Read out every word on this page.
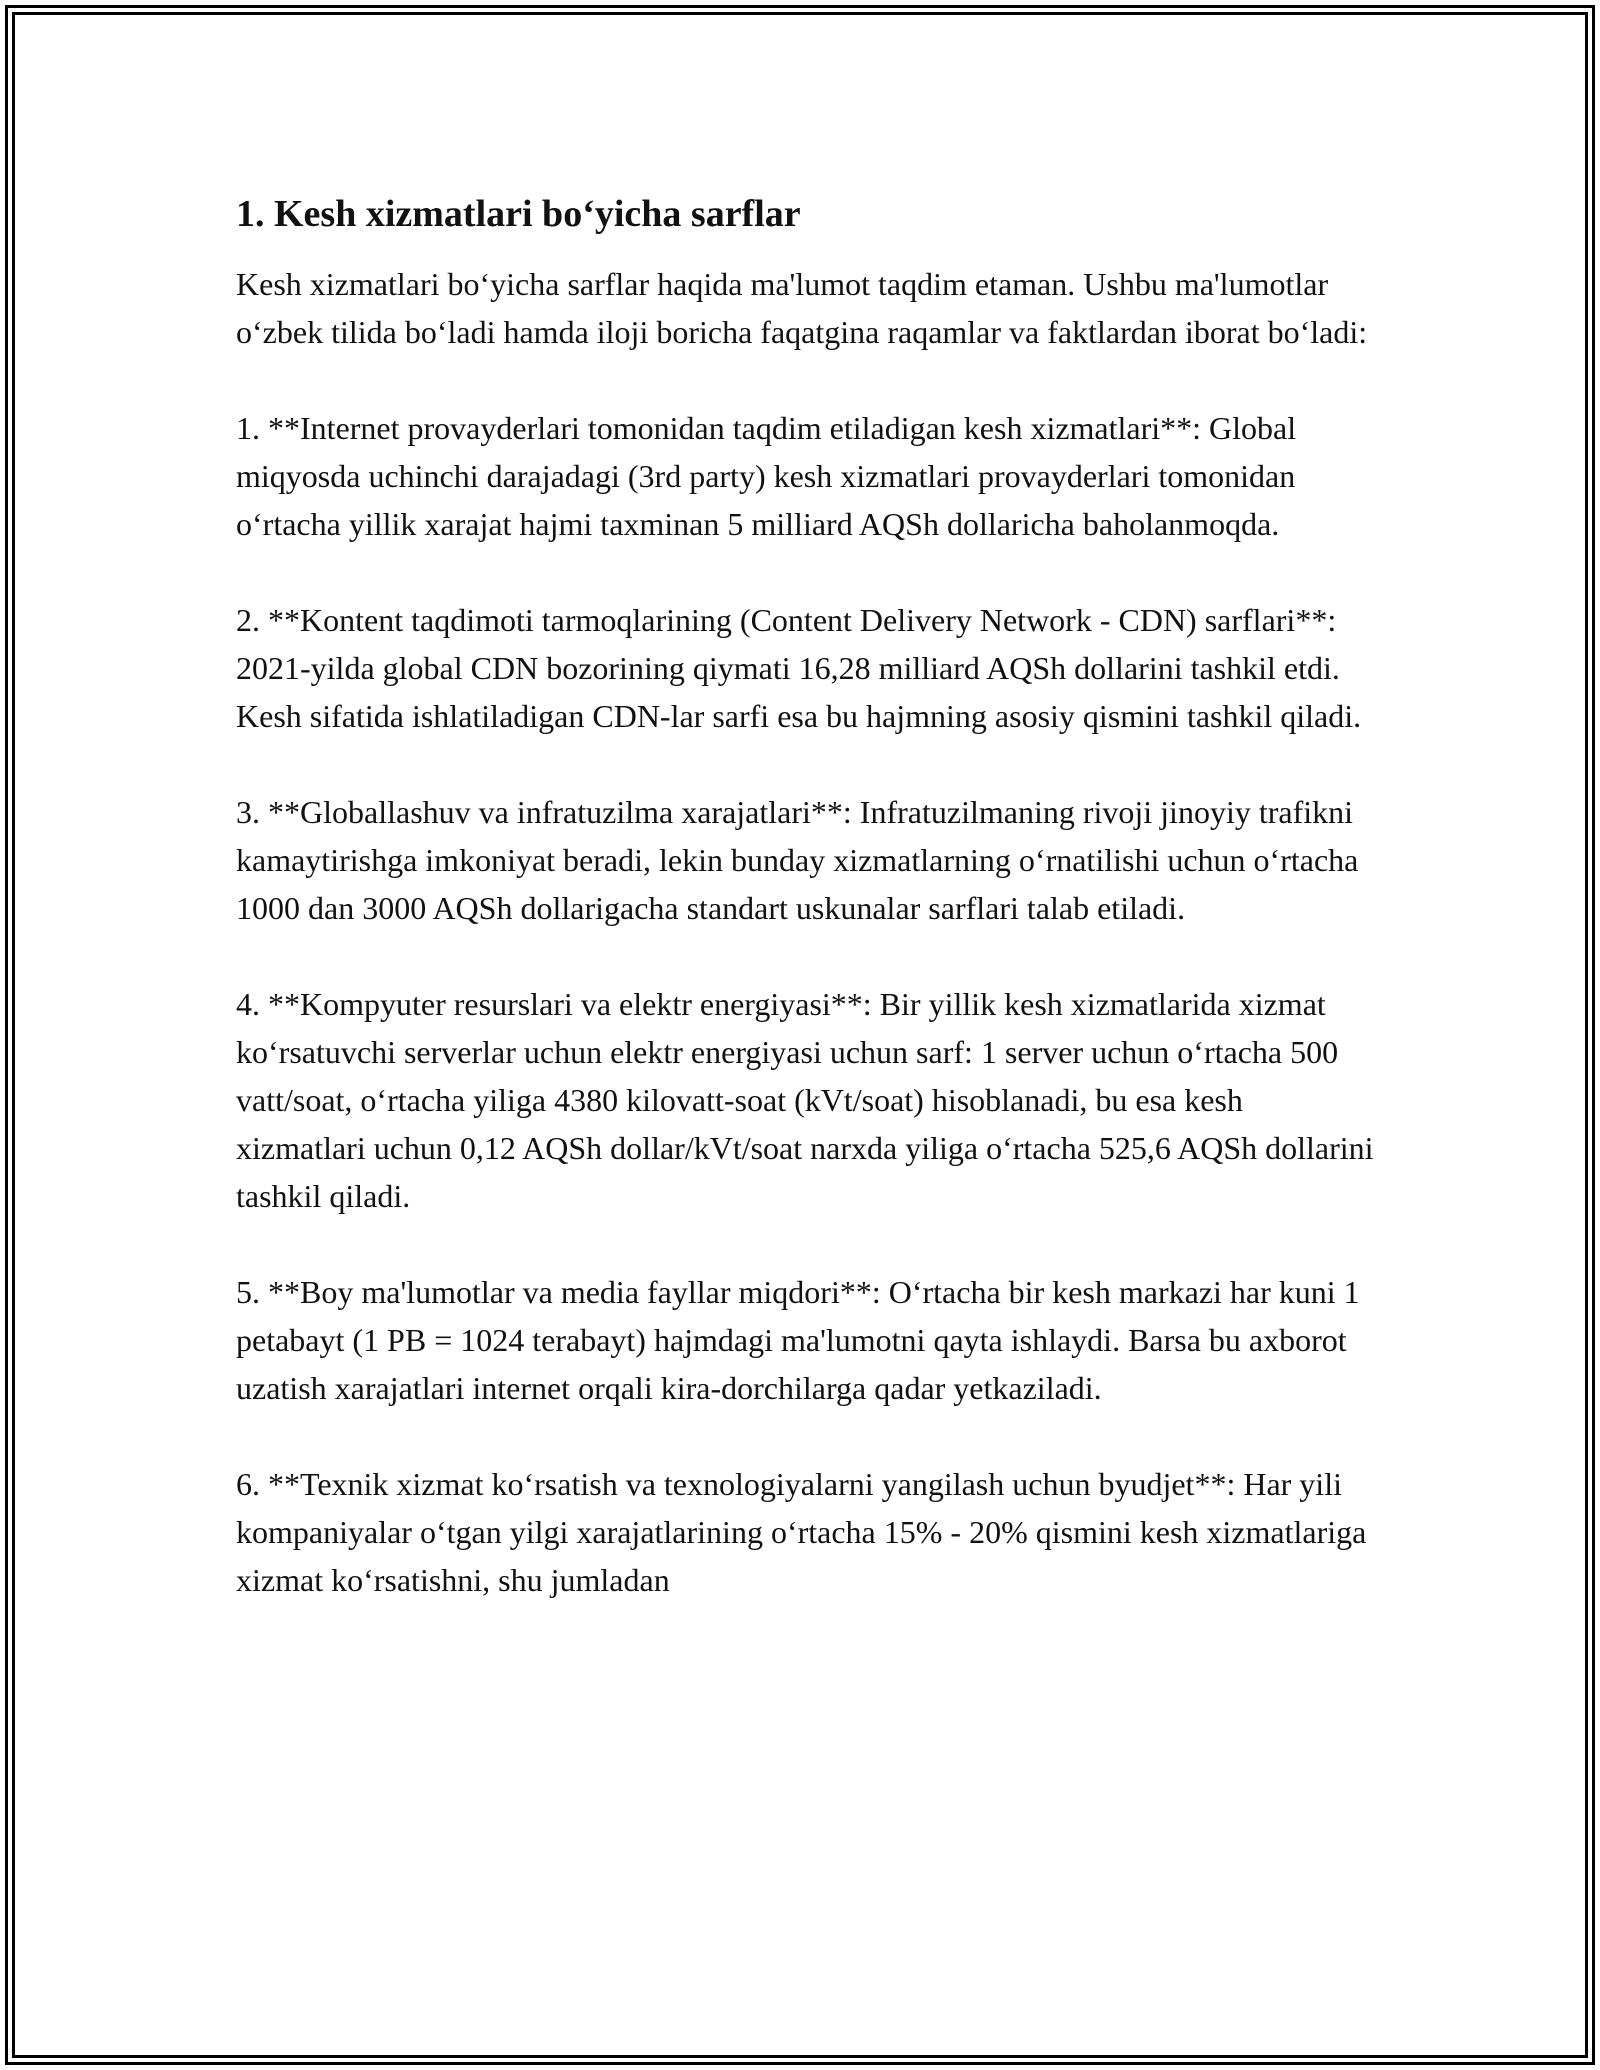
1. Kesh xizmatlari bo‘yicha sarflar

Kesh xizmatlari bo‘yicha sarflar haqida ma'lumot taqdim etaman. Ushbu ma'lumotlar o‘zbek tilida bo‘ladi hamda iloji boricha faqatgina raqamlar va faktlardan iborat bo‘ladi:

1. **Internet provayderlari tomonidan taqdim etiladigan kesh xizmatlari**: Global miqyosda uchinchi darajadagi (3rd party) kesh xizmatlari provayderlari tomonidan o‘rtacha yillik xarajat hajmi taxminan 5 milliard AQSh dollaricha baholanmoqda.

2. **Kontent taqdimoti tarmoqlarining (Content Delivery Network - CDN) sarflari**: 2021-yilda global CDN bozorining qiymati 16,28 milliard AQSh dollarini tashkil etdi. Kesh sifatida ishlatiladigan CDN-lar sarfi esa bu hajmning asosiy qismini tashkil qiladi.

3. **Globallashuv va infratuzilma xarajatlari**: Infratuzilmaning rivoji jinoyiy trafikni kamaytirishga imkoniyat beradi, lekin bunday xizmatlarning o‘rnatilishi uchun o‘rtacha 1000 dan 3000 AQSh dollarigacha standart uskunalar sarflari talab etiladi.

4. **Kompyuter resurslari va elektr energiyasi**: Bir yillik kesh xizmatlarida xizmat ko‘rsatuvchi serverlar uchun elektr energiyasi uchun sarf: 1 server uchun o‘rtacha 500 vatt/soat, o‘rtacha yiliga 4380 kilovatt-soat (kVt/soat) hisoblanadi, bu esa kesh xizmatlari uchun 0,12 AQSh dollar/kVt/soat narxda yiliga o‘rtacha 525,6 AQSh dollarini tashkil qiladi.

5. **Boy ma'lumotlar va media fayllar miqdori**: O‘rtacha bir kesh markazi har kuni 1 petabayt (1 PB = 1024 terabayt) hajmdagi ma'lumotni qayta ishlaydi. Barsa bu axborot uzatish xarajatlari internet orqali kira-dorchilarga qadar yetkaziladi.

6. **Texnik xizmat ko‘rsatish va texnologiyalarni yangilash uchun byudjet**: Har yili kompaniyalar o‘tgan yilgi xarajatlarining o‘rtacha 15% - 20% qismini kesh xizmatlariga xizmat ko‘rsatishni, shu jumladan
